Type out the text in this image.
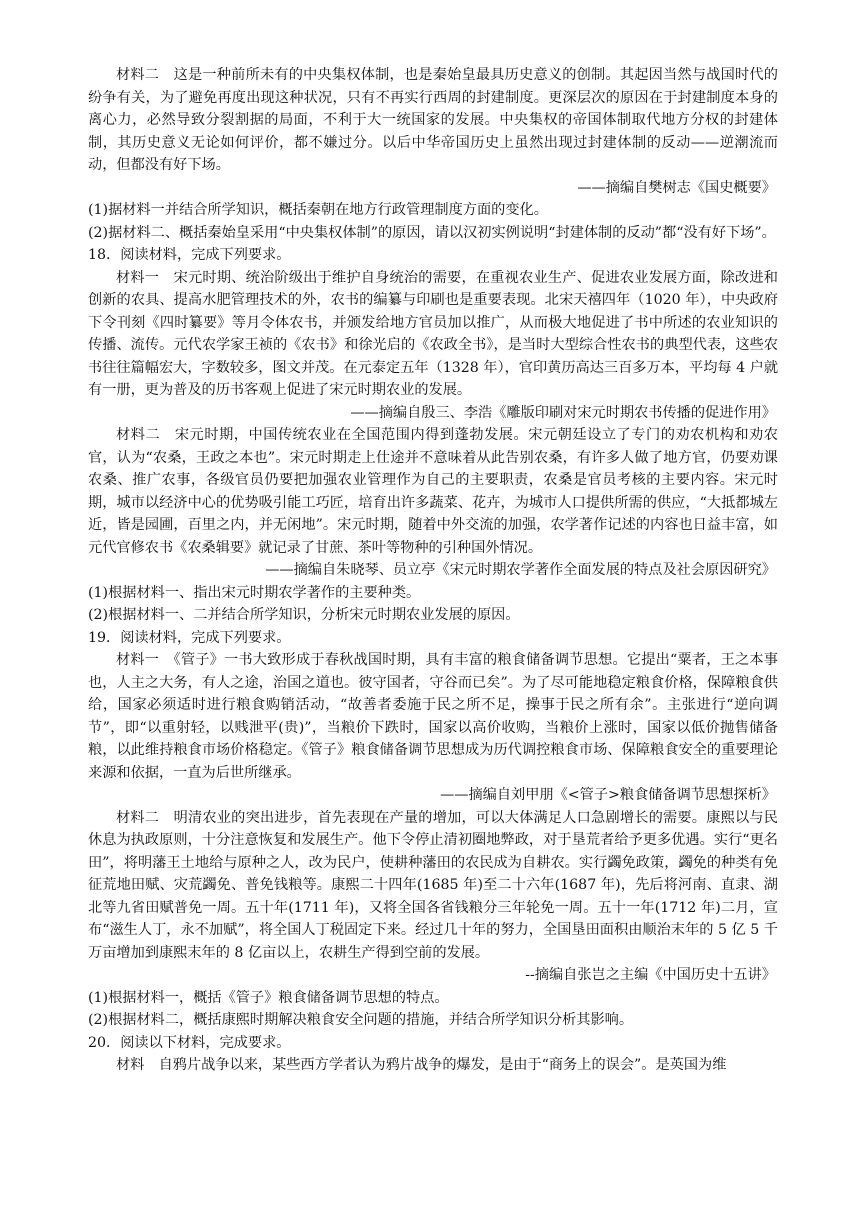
材料二　 这是一种前所未有的中央集权体制，也是秦始皇最具历史意义的创制。其起因当然与战国时代的纷争有关，为了避免再度出现这种状况，只有不再实行西周的封建制度。更深层次的原因在于封建制度本身的离心力，必然导致分裂割据的局面，不利于大一统国家的发展。中央集权的帝国体制取代地方分权的封建体制，其历史意义无论如何评价，都不嫌过分。以后中华帝国历史上虽然出现过封建体制的反动——逆潮流而动，但都没有好下场。

——摘编自樊树志《国史概要》

(1)据材料一并结合所学知识，概括秦朝在地方行政管理制度方面的变化。

(2)据材料二、概括秦始皇采用“中央集权体制”的原因，请以汉初实例说明“封建体制的反动”都“没有好下场”。

18．阅读材料，完成下列要求。

材料一　 宋元时期、统治阶级出于维护自身统治的需要，在重视农业生产、促进农业发展方面，除改进和创新的农具、提高水肥管理技术的外，农书的编纂与印刷也是重要表现。北宋天禧四年（1020 年），中央政府下令刊刻《四时纂要》等月令体农书，并颁发给地方官员加以推广，从而极大地促进了书中所述的农业知识的传播、流传。元代农学家王祯的《农书》和徐光启的《农政全书》，是当时大型综合性农书的典型代表，这些农书往往篇幅宏大，字数较多，图文并茂。在元泰定五年（1328 年），官印黄历高达三百多万本，平均每 4 户就有一册，更为普及的历书客观上促进了宋元时期农业的发展。

——摘编自殷三、李浩《雕版印刷对宋元时期农书传播的促进作用》

材料二　 宋元时期，中国传统农业在全国范围内得到蓬勃发展。宋元朝廷设立了专门的劝农机构和劝农官，认为“农桑，王政之本也”。宋元时期走上仕途并不意味着从此告别农桑，有许多人做了地方官，仍要劝课农桑、推广农事，各级官员仍要把加强农业管理作为自己的主要职责，农桑是官员考核的主要内容。宋元时期，城市以经济中心的优势吸引能工巧匠，培育出许多蔬菜、花卉，为城市人口提供所需的供应，“大抵都城左近，皆是园圃，百里之内，并无闲地”。宋元时期，随着中外交流的加强，农学著作记述的内容也日益丰富，如元代官修农书《农桑辑要》就记录了甘蔗、茶叶等物种的引种国外情况。

——摘编自朱晓琴、员立亭《宋元时期农学著作全面发展的特点及社会原因研究》

(1)根据材料一、指出宋元时期农学著作的主要种类。

(2)根据材料一、二并结合所学知识，分析宋元时期农业发展的原因。

19．阅读材料，完成下列要求。

材料一　 《管子》一书大致形成于春秋战国时期，具有丰富的粮食储备调节思想。它提出“粟者，王之本事也，人主之大务，有人之途，治国之道也。彼守国者，守谷而已矣”。为了尽可能地稳定粮食价格，保障粮食供给，国家必须适时进行粮食购销活动，“故善者委施于民之所不足，操事于民之所有余”。主张进行“逆向调节”，即“以重射轻，以贱泄平(贵)”，当粮价下跌时，国家以高价收购，当粮价上涨时，国家以低价抛售储备粮，以此维持粮食市场价格稳定。《管子》粮食储备调节思想成为历代调控粮食市场、保障粮食安全的重要理论来源和依据，一直为后世所继承。

——摘编自刘甲朋《<管子>粮食储备调节思想探析》

材料二　 明清农业的突出进步，首先表现在产量的增加，可以大体满足人口急剧增长的需要。康熙以与民休息为执政原则，十分注意恢复和发展生产。他下令停止清初圈地弊政，对于垦荒者给予更多优遇。实行“更名田”，将明藩王土地给与原种之人，改为民户，使耕种藩田的农民成为自耕农。实行蠲免政策，蠲免的种类有免征荒地田赋、灾荒蠲免、普免钱粮等。康熙二十四年(1685 年)至二十六年(1687 年)，先后将河南、直隶、湖北等九省田赋普免一周。五十年(1711 年)，又将全国各省钱粮分三年轮免一周。五十一年(1712 年)二月，宣布“滋生人丁，永不加赋”，将全国人丁税固定下来。经过几十年的努力，全国垦田面积由顺治末年的 5 亿 5 千万亩增加到康熙末年的 8 亿亩以上，农耕生产得到空前的发展。

--摘编自张岂之主编《中国历史十五讲》

(1)根据材料一，概括《管子》粮食储备调节思想的特点。

(2)根据材料二，概括康熙时期解决粮食安全问题的措施，并结合所学知识分析其影响。

20．阅读以下材料，完成要求。

材料　 自鸦片战争以来，某些西方学者认为鸦片战争的爆发，是由于“商务上的误会”。是英国为维
